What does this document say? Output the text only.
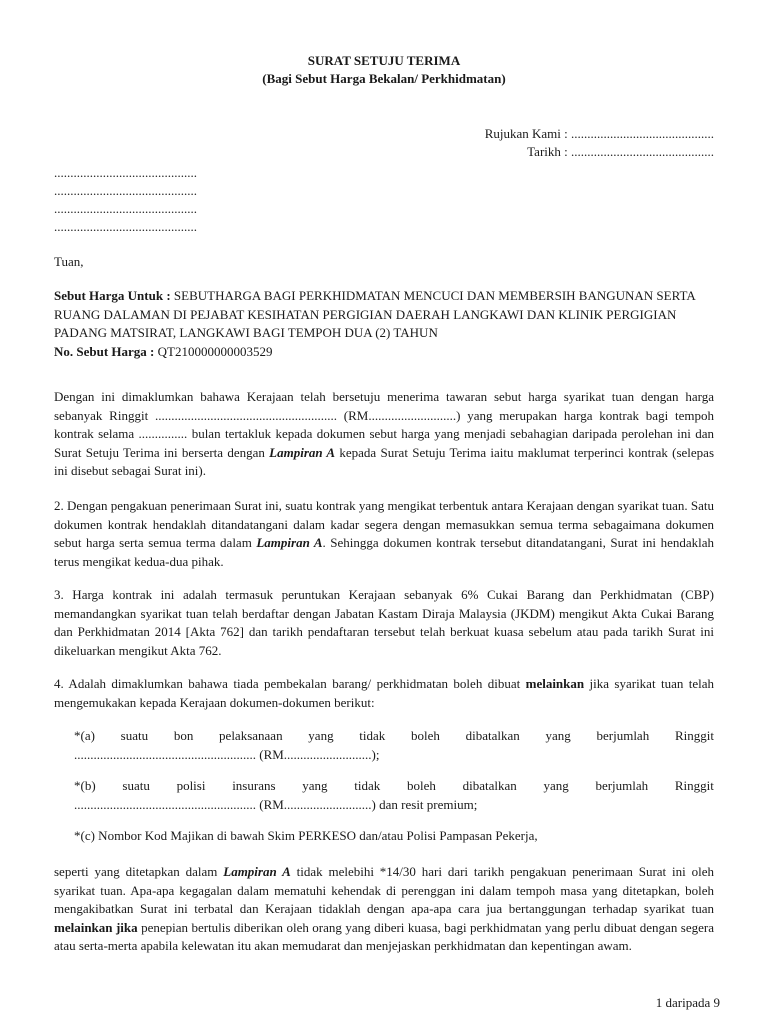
SURAT SETUJU TERIMA
(Bagi Sebut Harga Bekalan/ Perkhidmatan)
Rujukan Kami : ............................................
Tarikh : ............................................
............................................
............................................
............................................
............................................
Tuan,
Sebut Harga Untuk : SEBUTHARGA BAGI PERKHIDMATAN MENCUCI DAN MEMBERSIH BANGUNAN SERTA RUANG DALAMAN DI PEJABAT KESIHATAN PERGIGIAN DAERAH LANGKAWI DAN KLINIK PERGIGIAN PADANG MATSIRAT, LANGKAWI BAGI TEMPOH DUA (2) TAHUN
No. Sebut Harga : QT210000000003529
Dengan ini dimaklumkan bahawa Kerajaan telah bersetuju menerima tawaran sebut harga syarikat tuan dengan harga sebanyak Ringgit ........................................................ (RM...........................) yang merupakan harga kontrak bagi tempoh kontrak selama ............... bulan tertakluk kepada dokumen sebut harga yang menjadi sebahagian daripada perolehan ini dan Surat Setuju Terima ini berserta dengan Lampiran A kepada Surat Setuju Terima iaitu maklumat terperinci kontrak (selepas ini disebut sebagai Surat ini).
2. Dengan pengakuan penerimaan Surat ini, suatu kontrak yang mengikat terbentuk antara Kerajaan dengan syarikat tuan. Satu dokumen kontrak hendaklah ditandatangani dalam kadar segera dengan memasukkan semua terma sebagaimana dokumen sebut harga serta semua terma dalam Lampiran A. Sehingga dokumen kontrak tersebut ditandatangani, Surat ini hendaklah terus mengikat kedua-dua pihak.
3. Harga kontrak ini adalah termasuk peruntukan Kerajaan sebanyak 6% Cukai Barang dan Perkhidmatan (CBP) memandangkan syarikat tuan telah berdaftar dengan Jabatan Kastam Diraja Malaysia (JKDM) mengikut Akta Cukai Barang dan Perkhidmatan 2014 [Akta 762] dan tarikh pendaftaran tersebut telah berkuat kuasa sebelum atau pada tarikh Surat ini dikeluarkan mengikut Akta 762.
4. Adalah dimaklumkan bahawa tiada pembekalan barang/ perkhidmatan boleh dibuat melainkan jika syarikat tuan telah mengemukakan kepada Kerajaan dokumen-dokumen berikut:
*(a) suatu bon pelaksanaan yang tidak boleh dibatalkan yang berjumlah Ringgit
........................................................ (RM...........................);
*(b) suatu polisi insurans yang tidak boleh dibatalkan yang berjumlah Ringgit
........................................................ (RM...........................) dan resit premium;
*(c) Nombor Kod Majikan di bawah Skim PERKESO dan/atau Polisi Pampasan Pekerja,
seperti yang ditetapkan dalam Lampiran A tidak melebihi *14/30 hari dari tarikh pengakuan penerimaan Surat ini oleh syarikat tuan. Apa-apa kegagalan dalam mematuhi kehendak di perenggan ini dalam tempoh masa yang ditetapkan, boleh mengakibatkan Surat ini terbatal dan Kerajaan tidaklah dengan apa-apa cara jua bertanggungan terhadap syarikat tuan melainkan jika penepian bertulis diberikan oleh orang yang diberi kuasa, bagi perkhidmatan yang perlu dibuat dengan segera atau serta-merta apabila kelewatan itu akan memudarat dan menjejaskan perkhidmatan dan kepentingan awam.
1 daripada 9
